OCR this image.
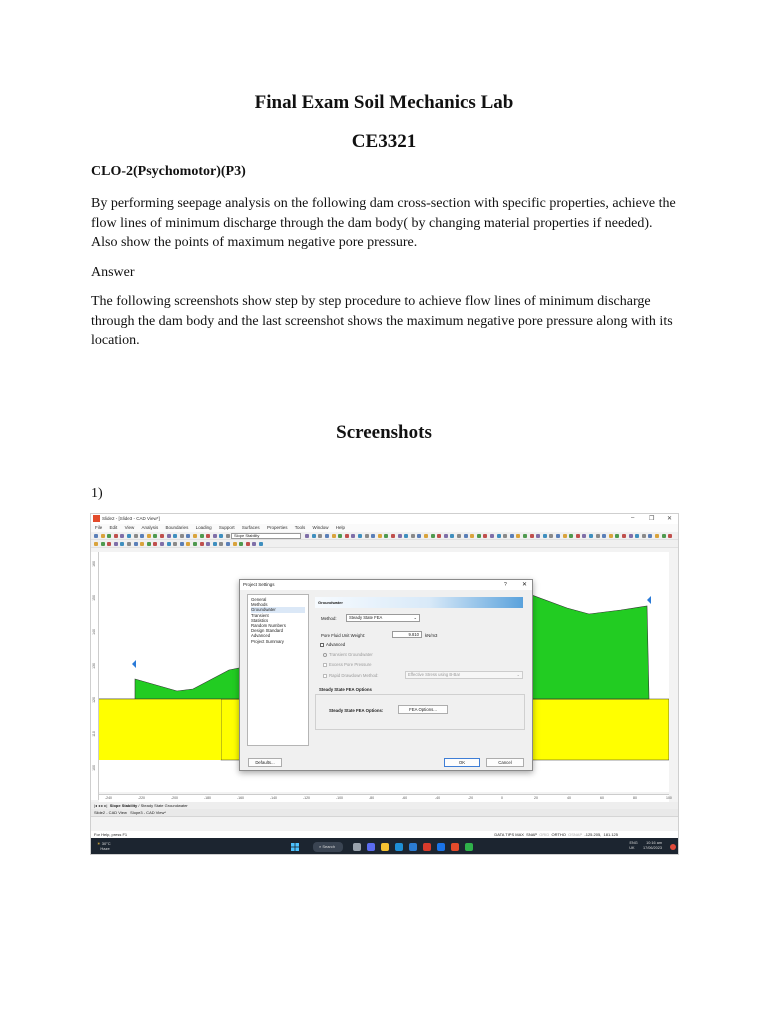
Final Exam Soil Mechanics Lab
CE3321
CLO-2(Psychomotor)(P3)
By performing seepage analysis on the following dam cross-section with specific properties, achieve the flow lines of minimum discharge through the dam body( by changing material properties if needed). Also show the points of maximum negative pore pressure.
Answer
The following screenshots show step by step procedure to achieve flow lines of minimum discharge through the dam body and the last screenshot shows the maximum negative pore pressure along with its location.
Screenshots
1)
Slide2 - [Slide3 - CAD View*]	– ❐ ✕
File Edit View Analysis Boundaries Loading Support Surfaces Properties Tools Window Help
Slope Stability
160
150
140
130
120
110
100
-240	-220	-200	-180	-160	-140	-120	-100	-80	-60	-40	-20	0	20	40	60	80	100
|◂ ◂ ▸ ▸|  Slope Stability / Steady State Groundwater
Slide2 - CAD View Slope3 - CAD View*
For Help, press F1	DATA TIPS MAX SNAP GRID ORTHO OSNAP -125.205, 181.125
☀ 30°C
Haze	⌕ Search
ENG 10:16 am
UK 17/06/2023
Project Settings	?	✕
General
Methods
Groundwater
Transient
Statistics
Random Numbers
Design Standard
Advanced
Project Summary
Groundwater
Method:	Steady State FEA	⌄
Pore Fluid Unit Weight:	9.810	kN/m3
Advanced
Transient Groundwater
Excess Pore Pressure
Rapid Drawdown Method:	Effective Stress using B-Bar	⌄
Steady State FEA Options
Steady State FEA Options:	FEA Options...
Defaults...	OK	Cancel
